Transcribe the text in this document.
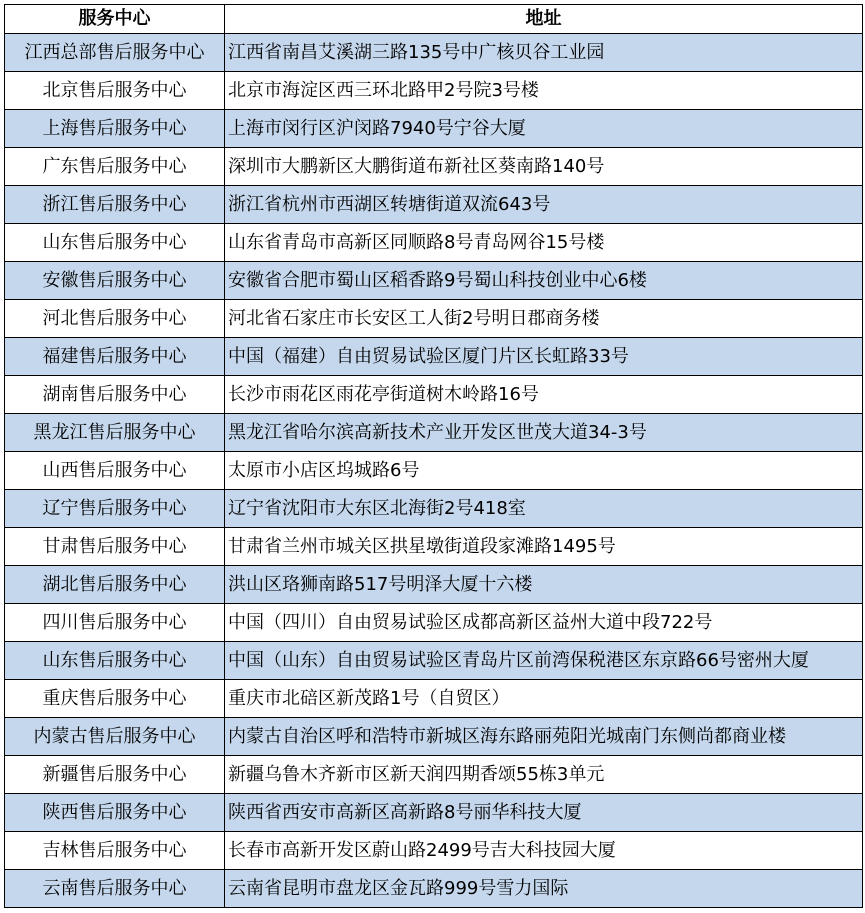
服务中心	地址
江西总部售后服务中心	江西省南昌艾溪湖三路135号中广核贝谷工业园
北京售后服务中心	北京市海淀区西三环北路甲2号院3号楼
上海售后服务中心	上海市闵行区沪闵路7940号宁谷大厦
广东售后服务中心	深圳市大鹏新区大鹏街道布新社区葵南路140号
浙江售后服务中心	浙江省杭州市西湖区转塘街道双流643号
山东售后服务中心	山东省青岛市高新区同顺路8号青岛网谷15号楼
安徽售后服务中心	安徽省合肥市蜀山区稻香路9号蜀山科技创业中心6楼
河北售后服务中心	河北省石家庄市长安区工人街2号明日郡商务楼
福建售后服务中心	中国（福建）自由贸易试验区厦门片区长虹路33号
湖南售后服务中心	长沙市雨花区雨花亭街道树木岭路16号
黑龙江售后服务中心	黑龙江省哈尔滨高新技术产业开发区世茂大道34-3号
山西售后服务中心	太原市小店区坞城路6号
辽宁售后服务中心	辽宁省沈阳市大东区北海街2号418室
甘肃售后服务中心	甘肃省兰州市城关区拱星墩街道段家滩路1495号
湖北售后服务中心	洪山区珞狮南路517号明泽大厦十六楼
四川售后服务中心	中国（四川）自由贸易试验区成都高新区益州大道中段722号
山东售后服务中心	中国（山东）自由贸易试验区青岛片区前湾保税港区东京路66号密州大厦
重庆售后服务中心	重庆市北碚区新茂路1号（自贸区）
内蒙古售后服务中心	内蒙古自治区呼和浩特市新城区海东路丽苑阳光城南门东侧尚都商业楼
新疆售后服务中心	新疆乌鲁木齐新市区新天润四期香颂55栋3单元
陕西售后服务中心	陕西省西安市高新区高新路8号丽华科技大厦
吉林售后服务中心	长春市高新开发区蔚山路2499号吉大科技园大厦
云南售后服务中心	云南省昆明市盘龙区金瓦路999号雪力国际
